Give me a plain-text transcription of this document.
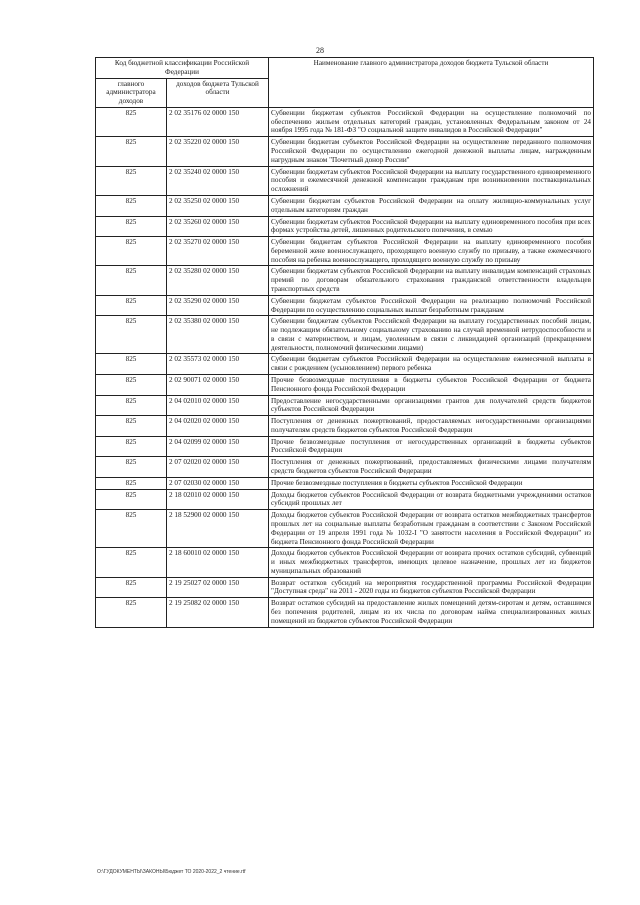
28
Код бюджетной классификации Российской Федерации		Наименование главного администратора доходов бюджета Тульской области
главного администратора доходов	доходов бюджета Тульской области	
825	2 02 35176 02 0000 150	Субвенции бюджетам субъектов Российской Федерации на осуществление полномочий по обеспечению жильем отдельных категорий граждан, установленных Федеральным законом от 24 ноября 1995 года № 181-ФЗ "О социальной защите инвалидов в Российской Федерации"
825	2 02 35220 02 0000 150	Субвенции бюджетам субъектов Российской Федерации на осуществление переданного полномочия Российской Федерации по осуществлению ежегодной денежной выплаты лицам, награжденным нагрудным знаком "Почетный донор России"
825	2 02 35240 02 0000 150	Субвенции бюджетам субъектов Российской Федерации на выплату государственного единовременного пособия и ежемесячной денежной компенсации гражданам при возникновении поствакцинальных осложнений
825	2 02 35250 02 0000 150	Субвенции бюджетам субъектов Российской Федерации на оплату жилищно-коммунальных услуг отдельным категориям граждан
825	2 02 35260 02 0000 150	Субвенции бюджетам субъектов Российской Федерации на выплату единовременного пособия при всех формах устройства детей, лишенных родительского попечения, в семью
825	2 02 35270 02 0000 150	Субвенции бюджетам субъектов Российской Федерации на выплату единовременного пособия беременной жене военнослужащего, проходящего военную службу по призыву, а также ежемесячного пособия на ребенка военнослужащего, проходящего военную службу по призыву
825	2 02 35280 02 0000 150	Субвенции бюджетам субъектов Российской Федерации на выплату инвалидам компенсаций страховых премий по договорам обязательного страхования гражданской ответственности владельцев транспортных средств
825	2 02 35290 02 0000 150	Субвенции бюджетам субъектов Российской Федерации на реализацию полномочий Российской Федерации по осуществлению социальных выплат безработным гражданам
825	2 02 35380 02 0000 150	Субвенции бюджетам субъектов Российской Федерации на выплату государственных пособий лицам, не подлежащим обязательному социальному страхованию на случай временной нетрудоспособности и в связи с материнством, и лицам, уволенным в связи с ликвидацией организаций (прекращением деятельности, полномочий физическими лицами)
825	2 02 35573 02 0000 150	Субвенции бюджетам субъектов Российской Федерации на осуществление ежемесячной выплаты в связи с рождением (усыновлением) первого ребенка
825	2 02 90071 02 0000 150	Прочие безвозмездные поступления в бюджеты субъектов Российской Федерации от бюджета Пенсионного фонда Российской Федерации
825	2 04 02010 02 0000 150	Предоставление негосударственными организациями грантов для получателей средств бюджетов субъектов Российской Федерации
825	2 04 02020 02 0000 150	Поступления от денежных пожертвований, предоставляемых негосударственными организациями получателям средств бюджетов субъектов Российской Федерации
825	2 04 02099 02 0000 150	Прочие безвозмездные поступления от негосударственных организаций в бюджеты субъектов Российской Федерации
825	2 07 02020 02 0000 150	Поступления от денежных пожертвований, предоставляемых физическими лицами получателям средств бюджетов субъектов Российской Федерации
825	2 07 02030 02 0000 150	Прочие безвозмездные поступления в бюджеты субъектов Российской Федерации
825	2 18 02010 02 0000 150	Доходы бюджетов субъектов Российской Федерации от возврата бюджетными учреждениями остатков субсидий прошлых лет
825	2 18 52900 02 0000 150	Доходы бюджетов субъектов Российской Федерации от возврата остатков межбюджетных трансфертов прошлых лет на социальные выплаты безработным гражданам в соответствии с Законом Российской Федерации от 19 апреля 1991 года № 1032-I "О занятости населения в Российской Федерации" из бюджета Пенсионного фонда Российской Федерации
825	2 18 60010 02 0000 150	Доходы бюджетов субъектов Российской Федерации от возврата прочих остатков субсидий, субвенций и иных межбюджетных трансфертов, имеющих целевое назначение, прошлых лет из бюджетов муниципальных образований
825	2 19 25027 02 0000 150	Возврат остатков субсидий на мероприятия государственной программы Российской Федерации "Доступная среда" на 2011 - 2020 годы из бюджетов субъектов Российской Федерации
825	2 19 25082 02 0000 150	Возврат остатков субсидий на предоставление жилых помещений детям-сиротам и детям, оставшимся без попечения родителей, лицам из их числа по договорам найма специализированных жилых помещений из бюджетов субъектов Российской Федерации
О:\ГУДОКУМЕНТЫ\ЗАКОНЫ\Бюджет ТО 2020-2022_2 чтение.rtf
